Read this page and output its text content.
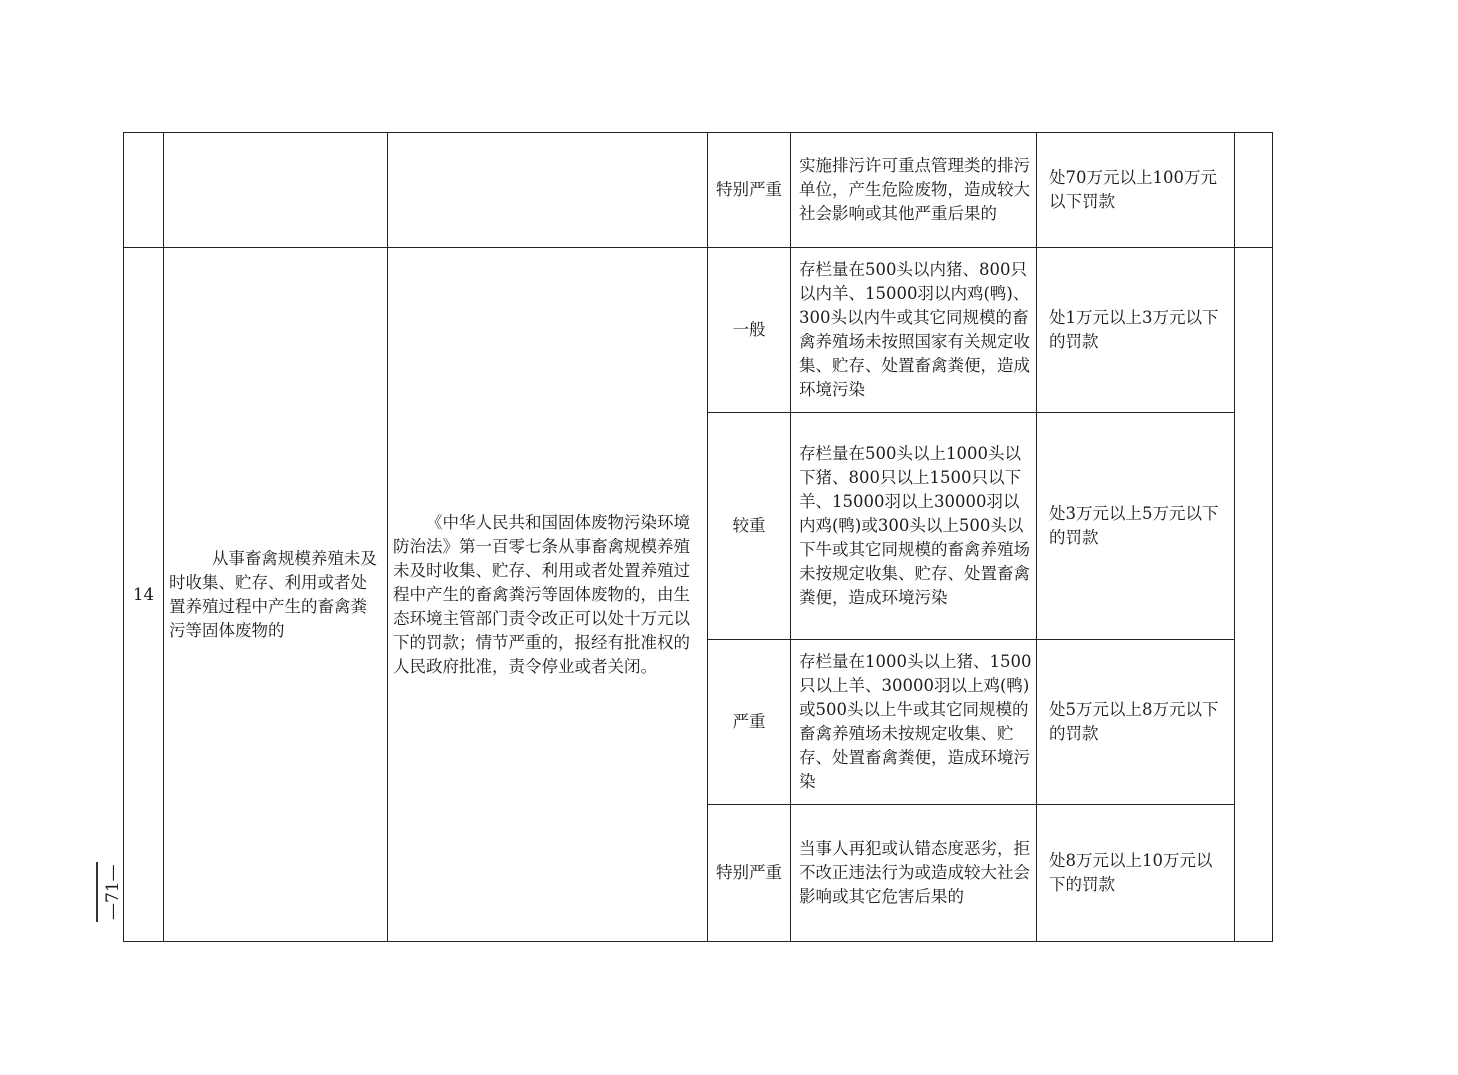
			特别严重	实施排污许可重点管理类的排污单位，产生危险废物，造成较大社会影响或其他严重后果的	处70万元以上100万元以下罚款	
14	从事畜禽规模养殖未及时收集、贮存、利用或者处置养殖过程中产生的畜禽粪污等固体废物的	《中华人民共和国固体废物污染环境防治法》第一百零七条从事畜禽规模养殖未及时收集、贮存、利用或者处置养殖过程中产生的畜禽粪污等固体废物的，由生态环境主管部门责令改正可以处十万元以下的罚款；情节严重的，报经有批准权的人民政府批准，责令停业或者关闭。	一般	存栏量在500头以内猪、800只以内羊、15000羽以内鸡(鸭)、300头以内牛或其它同规模的畜禽养殖场未按照国家有关规定收集、贮存、处置畜禽粪便，造成环境污染	处1万元以上3万元以下的罚款	
			较重	存栏量在500头以上1000头以下猪、800只以上1500只以下羊、15000羽以上30000羽以内鸡(鸭)或300头以上500头以下牛或其它同规模的畜禽养殖场未按规定收集、贮存、处置畜禽粪便，造成环境污染	处3万元以上5万元以下的罚款	
			严重	存栏量在1000头以上猪、1500只以上羊、30000羽以上鸡(鸭)或500头以上牛或其它同规模的畜禽养殖场未按规定收集、贮存、处置畜禽粪便，造成环境污染	处5万元以上8万元以下的罚款	
			特别严重	当事人再犯或认错态度恶劣，拒不改正违法行为或造成较大社会影响或其它危害后果的	处8万元以上10万元以下的罚款	
—71—
